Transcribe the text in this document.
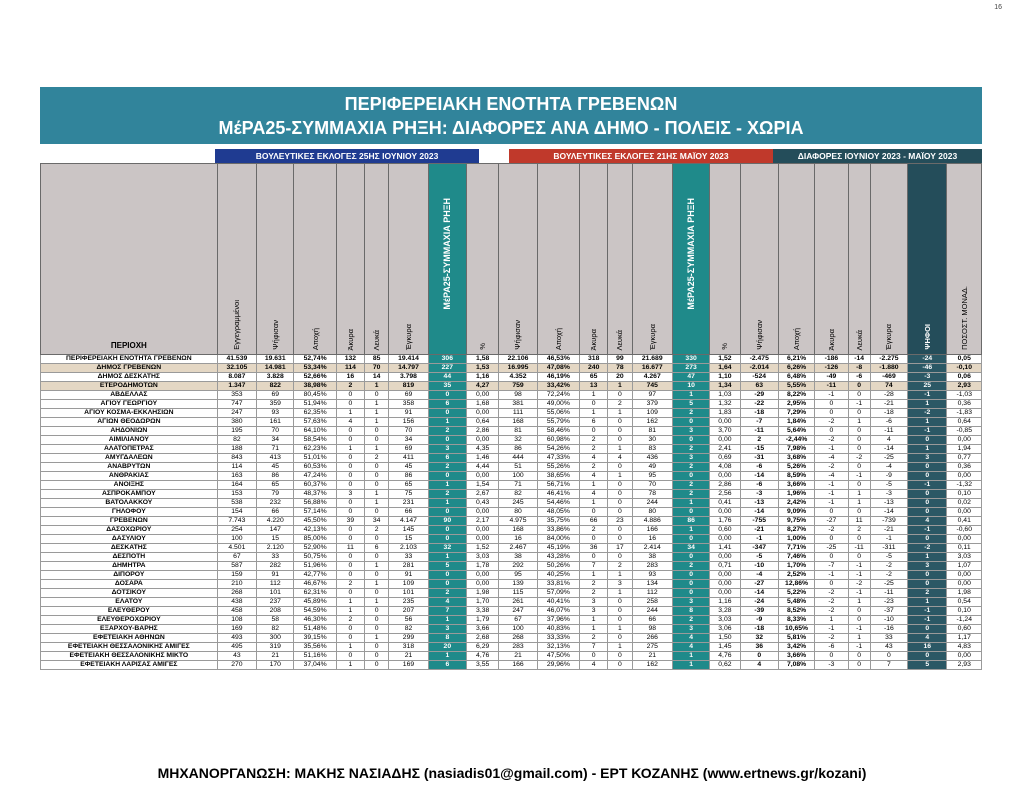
16
ΠΕΡΙΦΕΡΕΙΑΚΗ ΕΝΟΤΗΤΑ ΓΡΕΒΕΝΩΝ
ΜέΡΑ25-ΣΥΜΜΑΧΙΑ ΡΗΞΗ: ΔΙΑΦΟΡΕΣ ΑΝΑ ΔΗΜΟ - ΠΟΛΕΙΣ - ΧΩΡΙΑ
ΒΟΥΛΕΥΤΙΚΕΣ ΕΚΛΟΓΕΣ 25ΗΣ ΙΟΥΝΙΟΥ 2023	ΒΟΥΛΕΥΤΙΚΕΣ ΕΚΛΟΓΕΣ 21ΗΣ ΜΑΪΟΥ 2023	ΔΙΑΦΟΡΕΣ ΙΟΥΝΙΟΥ 2023 - ΜΑΪΟΥ 2023
ΠΕΡΙΟΧΗ	Εγγεγραμμένοι	Ψήφισαν	Αποχή	Άκυρα	Λευκά	Έγκυρα	ΜέΡΑ25-ΣΥΜΜΑΧΙΑ ΡΗΞΗ	%	Ψήφισαν	Αποχή	Άκυρα	Λευκά	Έγκυρα	ΜέΡΑ25-ΣΥΜΜΑΧΙΑ ΡΗΞΗ	%	Ψήφισαν	Αποχή	Άκυρα	Λευκά	Έγκυρα	ΨΗΦΟΙ	ΠΟΣΟΣΤ. ΜΟΝΑΔ.
ΠΕΡΙΦΕΡΕΙΑΚΗ ΕΝΟΤΗΤΑ ΓΡΕΒΕΝΩΝ	41.539	19.631	52,74%	132	85	19.414	306	1,58	22.106	46,53%	318	99	21.689	330	1,52	-2.475	6,21%	-186	-14	-2.275	-24	0,05
ΔΗΜΟΣ ΓΡΕΒΕΝΩΝ	32.105	14.981	53,34%	114	70	14.797	227	1,53	16.995	47,08%	240	78	16.677	273	1,64	-2.014	6,26%	-126	-8	-1.880	-46	-0,10
ΔΗΜΟΣ ΔΕΣΚΑΤΗΣ	8.087	3.828	52,66%	16	14	3.798	44	1,16	4.352	46,19%	65	20	4.267	47	1,10	-524	6,48%	-49	-6	-469	-3	0,06
ΕΤΕΡΟΔΗΜΟΤΩΝ	1.347	822	38,98%	2	1	819	35	4,27	759	33,42%	13	1	745	10	1,34	63	5,55%	-11	0	74	25	2,93
ΑΒΔΕΛΛΑΣ	353	69	80,45%	0	0	69	0	0,00	98	72,24%	1	0	97	1	1,03	-29	8,22%	-1	0	-28	-1	-1,03
ΑΓΙΟΥ ΓΕΩΡΓΙΟΥ	747	359	51,94%	0	1	358	6	1,68	381	49,00%	0	2	379	5	1,32	-22	2,95%	0	-1	-21	1	0,36
ΑΓΙΟΥ ΚΟΣΜΑ-ΕΚΚΛΗΣΙΩΝ	247	93	62,35%	1	1	91	0	0,00	111	55,06%	1	1	109	2	1,83	-18	7,29%	0	0	-18	-2	-1,83
ΑΓΙΩΝ ΘΕΟΔΩΡΩΝ	380	161	57,63%	4	1	156	1	0,64	168	55,79%	6	0	162	0	0,00	-7	1,84%	-2	1	-6	1	0,64
ΑΗΔΟΝΙΩΝ	195	70	64,10%	0	0	70	2	2,86	81	58,46%	0	0	81	3	3,70	-11	5,64%	0	0	-11	-1	-0,85
ΑΙΜΙΛΙΑΝΟΥ	82	34	58,54%	0	0	34	0	0,00	32	60,98%	2	0	30	0	0,00	2	-2,44%	-2	0	4	0	0,00
ΑΛΑΤΟΠΕΤΡΑΣ	188	71	62,23%	1	1	69	3	4,35	86	54,26%	2	1	83	2	2,41	-15	7,98%	-1	0	-14	1	1,94
ΑΜΥΓΔΑΛΕΩΝ	843	413	51,01%	0	2	411	6	1,46	444	47,33%	4	4	436	3	0,69	-31	3,68%	-4	-2	-25	3	0,77
ΑΝΑΒΡΥΤΩΝ	114	45	60,53%	0	0	45	2	4,44	51	55,26%	2	0	49	2	4,08	-6	5,26%	-2	0	-4	0	0,36
ΑΝΘΡΑΚΙΑΣ	163	86	47,24%	0	0	86	0	0,00	100	38,65%	4	1	95	0	0,00	-14	8,59%	-4	-1	-9	0	0,00
ΑΝΟΙΞΗΣ	164	65	60,37%	0	0	65	1	1,54	71	56,71%	1	0	70	2	2,86	-6	3,66%	-1	0	-5	-1	-1,32
ΑΣΠΡΟΚΑΜΠΟΥ	153	79	48,37%	3	1	75	2	2,67	82	46,41%	4	0	78	2	2,56	-3	1,96%	-1	1	-3	0	0,10
ΒΑΤΟΛΑΚΚΟΥ	538	232	56,88%	0	1	231	1	0,43	245	54,46%	1	0	244	1	0,41	-13	2,42%	-1	1	-13	0	0,02
ΓΗΛΟΦΟΥ	154	66	57,14%	0	0	66	0	0,00	80	48,05%	0	0	80	0	0,00	-14	9,09%	0	0	-14	0	0,00
ΓΡΕΒΕΝΩΝ	7.743	4.220	45,50%	39	34	4.147	90	2,17	4.975	35,75%	66	23	4.886	86	1,76	-755	9,75%	-27	11	-739	4	0,41
ΔΑΣΟΧΩΡΙΟΥ	254	147	42,13%	0	2	145	0	0,00	168	33,86%	2	0	166	1	0,60	-21	8,27%	-2	2	-21	-1	-0,60
ΔΑΣΥΛΙΟΥ	100	15	85,00%	0	0	15	0	0,00	16	84,00%	0	0	16	0	0,00	-1	1,00%	0	0	-1	0	0,00
ΔΕΣΚΑΤΗΣ	4.501	2.120	52,90%	11	6	2.103	32	1,52	2.467	45,19%	36	17	2.414	34	1,41	-347	7,71%	-25	-11	-311	-2	0,11
ΔΕΣΠΟΤΗ	67	33	50,75%	0	0	33	1	3,03	38	43,28%	0	0	38	0	0,00	-5	7,46%	0	0	-5	1	3,03
ΔΗΜΗΤΡΑ	587	282	51,96%	0	1	281	5	1,78	292	50,26%	7	2	283	2	0,71	-10	1,70%	-7	-1	-2	3	1,07
ΔΙΠΟΡΟΥ	159	91	42,77%	0	0	91	0	0,00	95	40,25%	1	1	93	0	0,00	-4	2,52%	-1	-1	-2	0	0,00
ΔΟΣΑΡΑ	210	112	46,67%	2	1	109	0	0,00	139	33,81%	2	3	134	0	0,00	-27	12,86%	0	-2	-25	0	0,00
ΔΟΤΣΙΚΟΥ	268	101	62,31%	0	0	101	2	1,98	115	57,09%	2	1	112	0	0,00	-14	5,22%	-2	-1	-11	2	1,98
ΕΛΑΤΟΥ	438	237	45,89%	1	1	235	4	1,70	261	40,41%	3	0	258	3	1,16	-24	5,48%	-2	1	-23	1	0,54
ΕΛΕΥΘΕΡΟΥ	458	208	54,59%	1	0	207	7	3,38	247	46,07%	3	0	244	8	3,28	-39	8,52%	-2	0	-37	-1	0,10
ΕΛΕΥΘΕΡΟΧΩΡΙΟΥ	108	58	46,30%	2	0	56	1	1,79	67	37,96%	1	0	66	2	3,03	-9	8,33%	1	0	-10	-1	-1,24
ΕΞΑΡΧΟΥ-ΒΑΡΗΣ	169	82	51,48%	0	0	82	3	3,66	100	40,83%	1	1	98	3	3,06	-18	10,65%	-1	-1	-16	0	0,60
ΕΦΕΤΕΙΑΚΗ ΑΘΗΝΩΝ	493	300	39,15%	0	1	299	8	2,68	268	33,33%	2	0	266	4	1,50	32	5,81%	-2	1	33	4	1,17
ΕΦΕΤΕΙΑΚΗ ΘΕΣΣΑΛΟΝΙΚΗΣ ΑΜΙΓΕΣ	495	319	35,56%	1	0	318	20	6,29	283	32,13%	7	1	275	4	1,45	36	3,42%	-6	-1	43	16	4,83
ΕΦΕΤΕΙΑΚΗ ΘΕΣΣΑΛΟΝΙΚΗΣ ΜΙΚΤΟ	43	21	51,16%	0	0	21	1	4,76	21	47,50%	0	0	21	1	4,76	0	3,66%	0	0	0	0	0,00
ΕΦΕΤΕΙΑΚΗ ΛΑΡΙΣΑΣ ΑΜΙΓΕΣ	270	170	37,04%	1	0	169	6	3,55	166	29,96%	4	0	162	1	0,62	4	7,08%	-3	0	7	5	2,93
ΜΗΧΑΝΟΡΓΑΝΩΣΗ: ΜΑΚΗΣ ΝΑΣΙΑΔΗΣ (nasiadis01@gmail.com) - ΕΡΤ ΚΟΖΑΝΗΣ (www.ertnews.gr/kozani)
